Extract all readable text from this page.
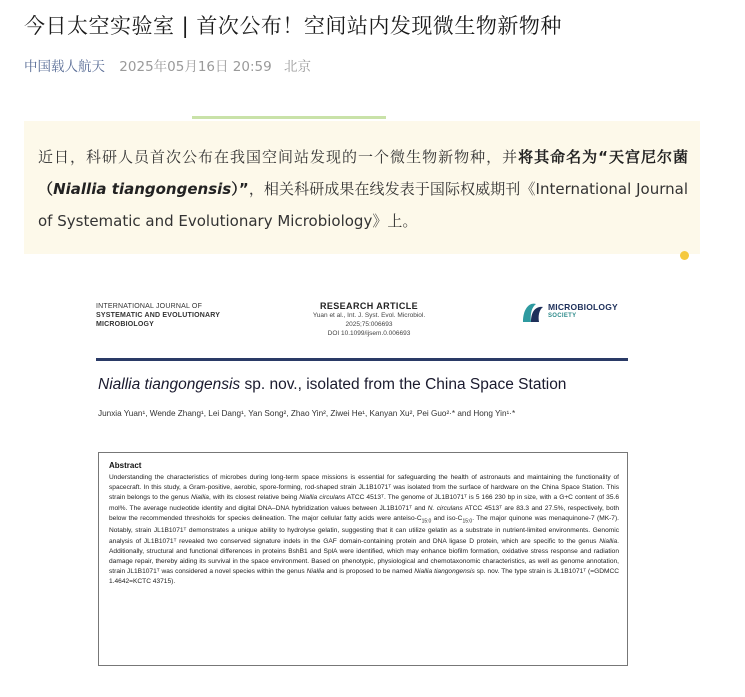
今日太空实验室 | 首次公布！空间站内发现微生物新物种
中国载人航天 2025年05月16日 20:59 北京

近日，科研人员首次公布在我国空间站发现的一个微生物新物种，并将其命名为“天宫尼尔菌（Niallia tiangongensis）”，相关科研成果在线发表于国际权威期刊《International Journal of Systematic and Evolutionary Microbiology》上。

INTERNATIONAL JOURNAL OF
SYSTEMATIC AND EVOLUTIONARY
MICROBIOLOGY
RESEARCH ARTICLE
Yuan et al., Int. J. Syst. Evol. Microbiol. 2025;75:006693
DOI 10.1099/ijsem.0.006693
MICROBIOLOGY
SOCIETY
Niallia tiangongensis sp. nov., isolated from the China Space Station
Junxia Yuan¹, Wende Zhang¹, Lei Dang¹, Yan Song², Zhao Yin², Ziwei He¹, Kanyan Xu², Pei Guo²·* and Hong Yin¹·*
Abstract
Understanding the characteristics of microbes during long-term space missions is essential for safeguarding the health of astronauts and maintaining the functionality of spacecraft. In this study, a Gram-positive, aerobic, spore-forming, rod-shaped strain JL1B1071ᵀ was isolated from the surface of hardware on the China Space Station. This strain belongs to the genus Niallia, with its closest relative being Niallia circulans ATCC 4513ᵀ. The genome of JL1B1071ᵀ is 5 166 230 bp in size, with a G+C content of 35.6 mol%. The average nucleotide identity and digital DNA–DNA hybridization values between JL1B1071ᵀ and N. circulans ATCC 4513ᵀ are 83.3 and 27.5%, respectively, both below the recommended thresholds for species delineation. The major cellular fatty acids were anteiso-$C_{15:0}$ and iso-$C_{15:0}$. The major quinone was menaquinone-7 (MK-7). Notably, strain JL1B1071ᵀ demonstrates a unique ability to hydrolyse gelatin, suggesting that it can utilize gelatin as a substrate in nutrient-limited environments. Genomic analysis of JL1B1071ᵀ revealed two conserved signature indels in the GAF domain-containing protein and DNA ligase D protein, which are specific to the genus Niallia. Additionally, structural and functional differences in proteins BshB1 and SplA were identified, which may enhance biofilm formation, oxidative stress response and radiation damage repair, thereby aiding its survival in the space environment. Based on phenotypic, physiological and chemotaxonomic characteristics, as well as genome annotation, strain JL1B1071ᵀ was considered a novel species within the genus Niallia and is proposed to be named Niallia tiangongensis sp. nov. The type strain is JL1B1071ᵀ (=GDMCC 1.4642=KCTC 43715).
